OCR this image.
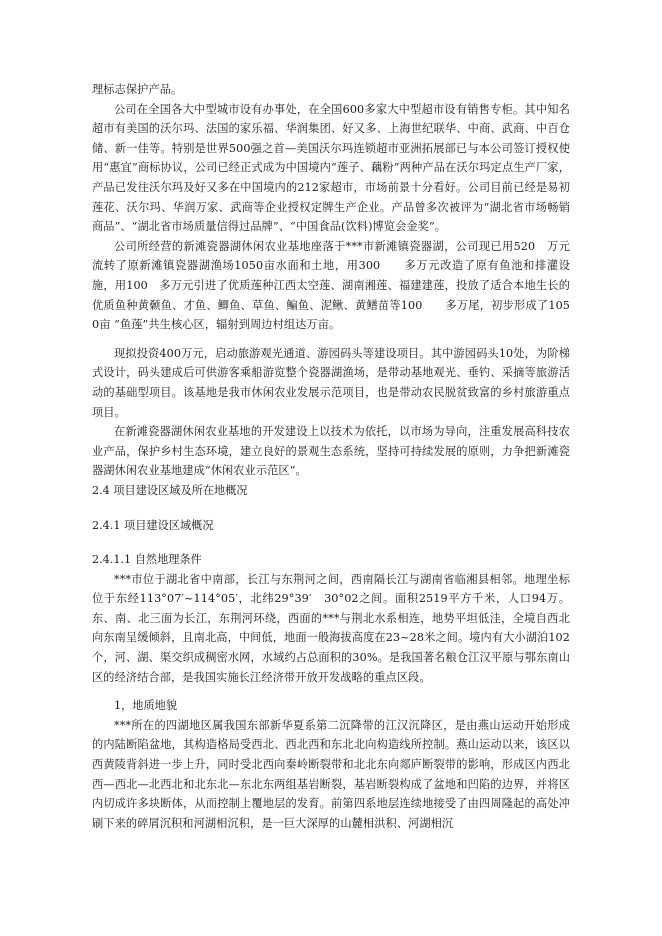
理标志保护产品。

公司在全国各大中型城市设有办事处，在全国600多家大中型超市设有销售专柜。其中知名超市有美国的沃尔玛、法国的家乐福、华润集团、好又多、上海世纪联华、中商、武商、中百仓储、新一佳等。特别是世界500强之首—美国沃尔玛连锁超市亚洲拓展部已与本公司签订授权使用“惠宜”商标协议，公司已经正式成为中国境内“莲子、藕粉”两种产品在沃尔玛定点生产厂家，产品已发往沃尔玛及好又多在中国境内的212家超市，市场前景十分看好。公司目前已经是易初莲花、沃尔玛、华润万家、武商等企业授权定牌生产企业。产品曾多次被评为“湖北省市场畅销商品”、“湖北省市场质量信得过品牌”、“中国食品(饮料)博览会金奖”。

公司所经营的新滩瓷器湖休闲农业基地座落于***市新滩镇瓷器湖，公司现已用520　万元流转了原新滩镇瓷器湖渔场1050亩水面和土地，用300　　多万元改造了原有鱼池和排灌设施，用100　多万元引进了优质莲种江西太空莲、湖南湘莲、福建建莲，投放了适合本地生长的优质鱼种黄颡鱼、才鱼、鲫鱼、草鱼、鳊鱼、泥鳅、黄鳝苗等100　　多万尾，初步形成了1050亩 “鱼莲”共生核心区，辐射到周边村组达万亩。

现拟投资400万元，启动旅游观光通道、游园码头等建设项目。其中游园码头10处，为阶梯式设计，码头建成后可供游客乘船游览整个瓷器湖渔场，是带动基地观光、垂钓、采摘等旅游活动的基础型项目。该基地是我市休闲农业发展示范项目，也是带动农民脱贫致富的乡村旅游重点项目。

在新滩瓷器湖休闲农业基地的开发建设上以技术为依托，以市场为导向，注重发展高科技农业产品，保护乡村生态环境，建立良好的景观生态系统，坚持可持续发展的原则，力争把新滩瓷器湖休闲农业基地建成“休闲农业示范区”。

2.4 项目建设区域及所在地概况

2.4.1 项目建设区域概况

2.4.1.1 自然地理条件

***市位于湖北省中南部，长江与东荆河之间，西南隔长江与湖南省临湘县相邻。地理坐标位于东经113°07′~114°05′，北纬29°39′　30°02之间。面积2519平方千米，人口94万。东、南、北三面为长江，东荆河环绕，西面的***与荆北水系相连，地势平坦低洼，全境自西北向东南呈缓倾斜，且南北高，中间低，地面一般海拔高度在23~28米之间。境内有大小湖泊102个，河、湖、渠交织成稠密水网，水域约占总面积的30%。是我国著名粮仓江汉平原与鄂东南山区的经济结合部，是我国实施长江经济带开放开发战略的重点区段。

1，地质地貌

***所在的四湖地区属我国东部新华夏系第二沉降带的江汉沉降区，是由燕山运动开始形成的内陆断陷盆地，其构造格局受西北、西北西和东北北向构造线所控制。燕山运动以来，该区以西黄陵背斜进一步上升，同时受北西向秦岭断裂带和北北东向郯庐断裂带的影响，形成区内西北西—西北—北西北和北东北—东北东两组基岩断裂，基岩断裂构成了盆地和凹陷的边界，并将区内切成许多块断体，从而控制上覆地层的发育。前第四系地层连续地接受了由四周隆起的高处冲刷下来的碎屑沉积和河湖相沉积，是一巨大深厚的山麓相洪积、河湖相沉
